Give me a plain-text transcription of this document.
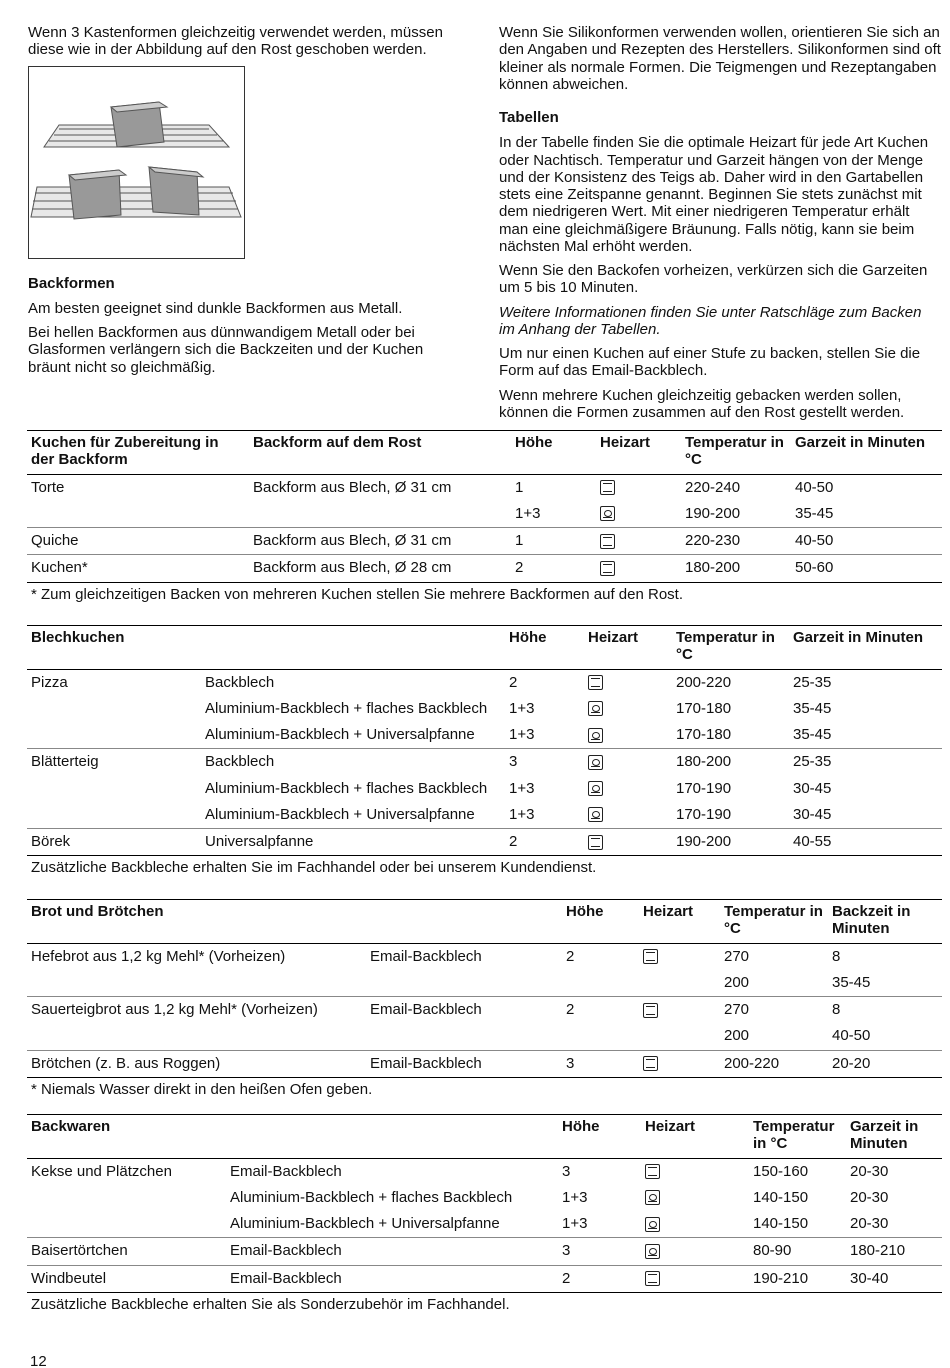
Wenn 3 Kastenformen gleichzeitig verwendet werden, müssen diese wie in der Abbildung auf den Rost geschoben werden.

Backformen

Am besten geeignet sind dunkle Backformen aus Metall.

Bei hellen Backformen aus dünnwandigem Metall oder bei Glasformen verlängern sich die Backzeiten und der Kuchen bräunt nicht so gleichmäßig.

Wenn Sie Silikonformen verwenden wollen, orientieren Sie sich an den Angaben und Rezepten des Herstellers. Silikonformen sind oft kleiner als normale Formen. Die Teigmengen und Rezeptangaben können abweichen.

Tabellen

In der Tabelle finden Sie die optimale Heizart für jede Art Kuchen oder Nachtisch. Temperatur und Garzeit hängen von der Menge und der Konsistenz des Teigs ab. Daher wird in den Gartabellen stets eine Zeitspanne genannt. Beginnen Sie stets zunächst mit dem niedrigeren Wert. Mit einer niedrigeren Temperatur erhält man eine gleichmäßigere Bräunung. Falls nötig, kann sie beim nächsten Mal erhöht werden.

Wenn Sie den Backofen vorheizen, verkürzen sich die Garzeiten um 5 bis 10 Minuten.

Weitere Informationen finden Sie unter Ratschläge zum Backen im Anhang der Tabellen.

Um nur einen Kuchen auf einer Stufe zu backen, stellen Sie die Form auf das Email-Backblech.

Wenn mehrere Kuchen gleichzeitig gebacken werden sollen, können die Formen zusammen auf den Rost gestellt werden.

Kuchen für Zubereitung in der Backform	Backform auf dem Rost	Höhe	Heizart	Temperatur in °C	Garzeit in Minuten
Torte	Backform aus Blech, Ø 31 cm	1		220-240	40-50
		1+3		190-200	35-45
Quiche	Backform aus Blech, Ø 31 cm	1		220-230	40-50
Kuchen*	Backform aus Blech, Ø 28 cm	2		180-200	50-60
* Zum gleichzeitigen Backen von mehreren Kuchen stellen Sie mehrere Backformen auf den Rost.					
Blechkuchen		Höhe	Heizart	Temperatur in °C	Garzeit in Minuten
Pizza	Backblech	2		200-220	25-35
	Aluminium-Backblech + flaches Backblech	1+3		170-180	35-45
	Aluminium-Backblech + Universalpfanne	1+3		170-180	35-45
Blätterteig	Backblech	3		180-200	25-35
	Aluminium-Backblech + flaches Backblech	1+3		170-190	30-45
	Aluminium-Backblech + Universalpfanne	1+3		170-190	30-45
Börek	Universalpfanne	2		190-200	40-55
Zusätzliche Backbleche erhalten Sie im Fachhandel oder bei unserem Kundendienst.					
Brot und Brötchen		Höhe	Heizart	Temperatur in °C	Backzeit in Minuten
Hefebrot aus 1,2 kg Mehl* (Vorheizen)	Email-Backblech	2		270	8
				200	35-45
Sauerteigbrot aus 1,2 kg Mehl* (Vorheizen)	Email-Backblech	2		270	8
				200	40-50
Brötchen (z. B. aus Roggen)	Email-Backblech	3		200-220	20-20
* Niemals Wasser direkt in den heißen Ofen geben.					
Backwaren		Höhe	Heizart	Temperatur in °C	Garzeit in Minuten
Kekse und Plätzchen	Email-Backblech	3		150-160	20-30
	Aluminium-Backblech + flaches Backblech	1+3		140-150	20-30
	Aluminium-Backblech + Universalpfanne	1+3		140-150	20-30
Baisertörtchen	Email-Backblech	3		80-90	180-210
Windbeutel	Email-Backblech	2		190-210	30-40
Zusätzliche Backbleche erhalten Sie als Sonderzubehör im Fachhandel.					
12
